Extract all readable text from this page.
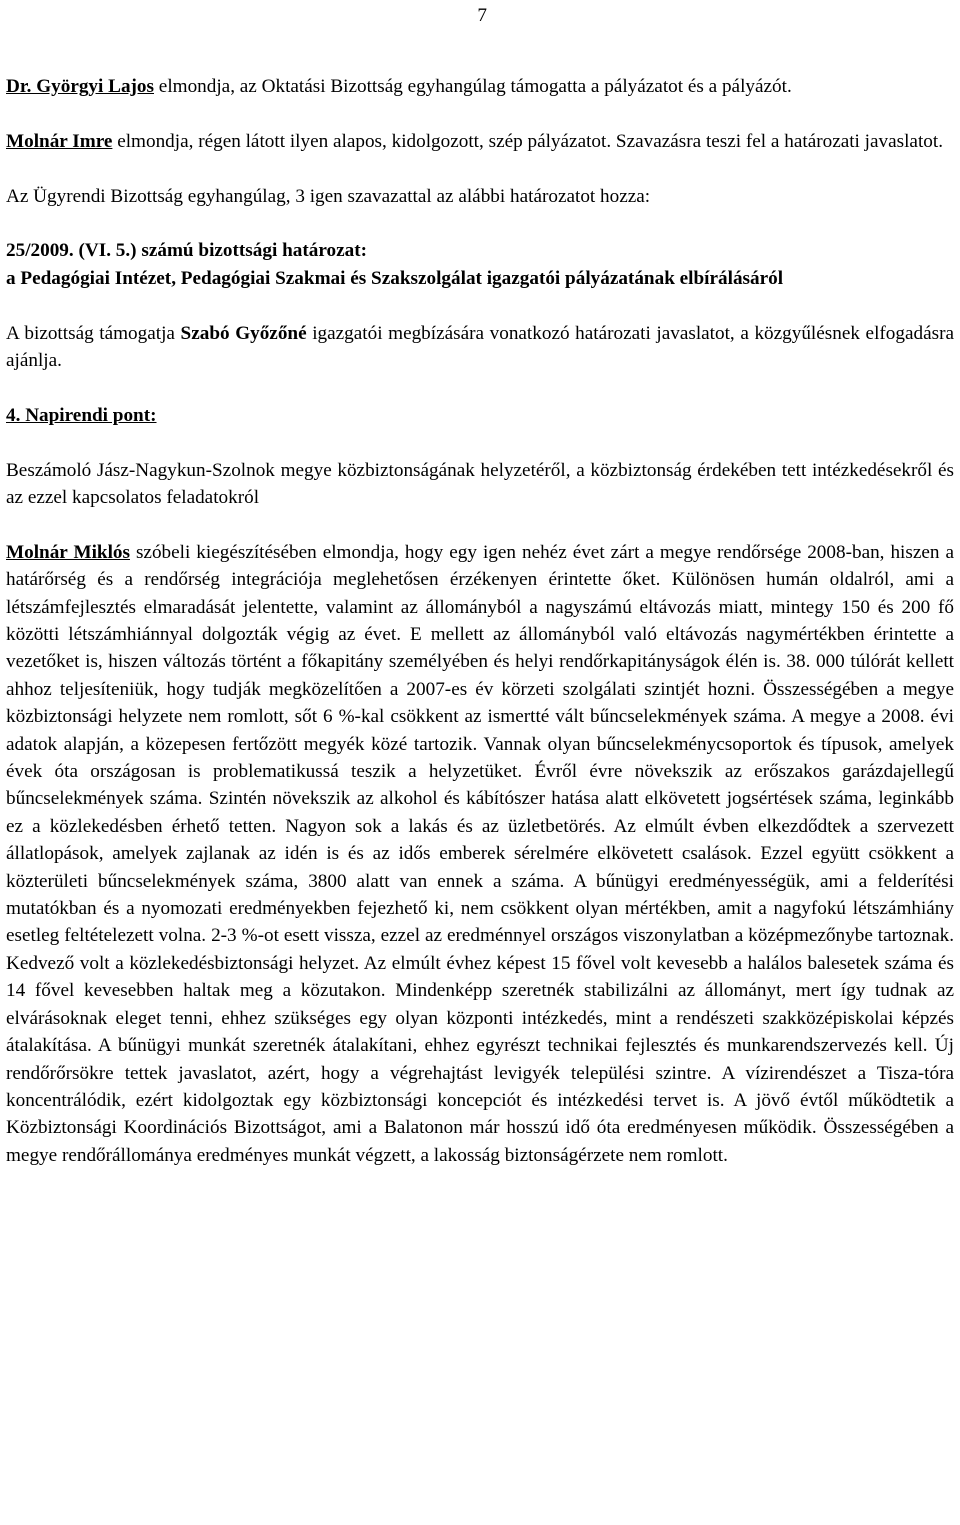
7

Dr. Györgyi Lajos elmondja, az Oktatási Bizottság egyhangúlag támogatta a pályázatot és a pályázót.

Molnár Imre elmondja, régen látott ilyen alapos, kidolgozott, szép pályázatot. Szavazásra teszi fel a határozati javaslatot.

Az Ügyrendi Bizottság egyhangúlag, 3 igen szavazattal az alábbi határozatot hozza:

25/2009. (VI. 5.) számú bizottsági határozat:

a Pedagógiai Intézet, Pedagógiai Szakmai és Szakszolgálat igazgatói pályázatának elbírálásáról

A bizottság támogatja Szabó Győzőné igazgatói megbízására vonatkozó határozati javaslatot, a közgyűlésnek elfogadásra ajánlja.

4. Napirendi pont:

Beszámoló Jász-Nagykun-Szolnok megye közbiztonságának helyzetéről, a közbiztonság érdekében tett intézkedésekről és az ezzel kapcsolatos feladatokról

Molnár Miklós szóbeli kiegészítésében elmondja, hogy egy igen nehéz évet zárt a megye rendőrsége 2008-ban, hiszen a határőrség és a rendőrség integrációja meglehetősen érzékenyen érintette őket. Különösen humán oldalról, ami a létszámfejlesztés elmaradását jelentette, valamint az állományból a nagyszámú eltávozás miatt, mintegy 150 és 200 fő közötti létszámhiánnyal dolgozták végig az évet. E mellett az állományból való eltávozás nagymértékben érintette a vezetőket is, hiszen változás történt a főkapitány személyében és helyi rendőrkapitányságok élén is. 38. 000 túlórát kellett ahhoz teljesíteniük, hogy tudják megközelítően a 2007-es év körzeti szolgálati szintjét hozni. Összességében a megye közbiztonsági helyzete nem romlott, sőt 6 %-kal csökkent az ismertté vált bűncselekmények száma. A megye a 2008. évi adatok alapján, a közepesen fertőzött megyék közé tartozik. Vannak olyan bűncselekménycsoportok és típusok, amelyek évek óta országosan is problematikussá teszik a helyzetüket. Évről évre növekszik az erőszakos garázdajellegű bűncselekmények száma. Szintén növekszik az alkohol és kábítószer hatása alatt elkövetett jogsértések száma, leginkább ez a közlekedésben érhető tetten. Nagyon sok a lakás és az üzletbetörés. Az elmúlt évben elkezdődtek a szervezett állatlopások, amelyek zajlanak az idén is és az idős emberek sérelmére elkövetett csalások. Ezzel együtt csökkent a közterületi bűncselekmények száma, 3800 alatt van ennek a száma. A bűnügyi eredményességük, ami a felderítési mutatókban és a nyomozati eredményekben fejezhető ki, nem csökkent olyan mértékben, amit a nagyfokú létszámhiány esetleg feltételezett volna. 2-3 %-ot esett vissza, ezzel az eredménnyel országos viszonylatban a középmezőnybe tartoznak. Kedvező volt a közlekedésbiztonsági helyzet. Az elmúlt évhez képest 15 fővel volt kevesebb a halálos balesetek száma és 14 fővel kevesebben haltak meg a közutakon. Mindenképp szeretnék stabilizálni az állományt, mert így tudnak az elvárásoknak eleget tenni, ehhez szükséges egy olyan központi intézkedés, mint a rendészeti szakközépiskolai képzés átalakítása. A bűnügyi munkát szeretnék átalakítani, ehhez egyrészt technikai fejlesztés és munkarendszervezés kell. Új rendőrőrsökre tettek javaslatot, azért, hogy a végrehajtást levigyék települési szintre. A vízirendészet a Tisza-tóra koncentrálódik, ezért kidolgoztak egy közbiztonsági koncepciót és intézkedési tervet is. A jövő évtől működtetik a Közbiztonsági Koordinációs Bizottságot, ami a Balatonon már hosszú idő óta eredményesen működik. Összességében a megye rendőrállománya eredményes munkát végzett, a lakosság biztonságérzete nem romlott.
